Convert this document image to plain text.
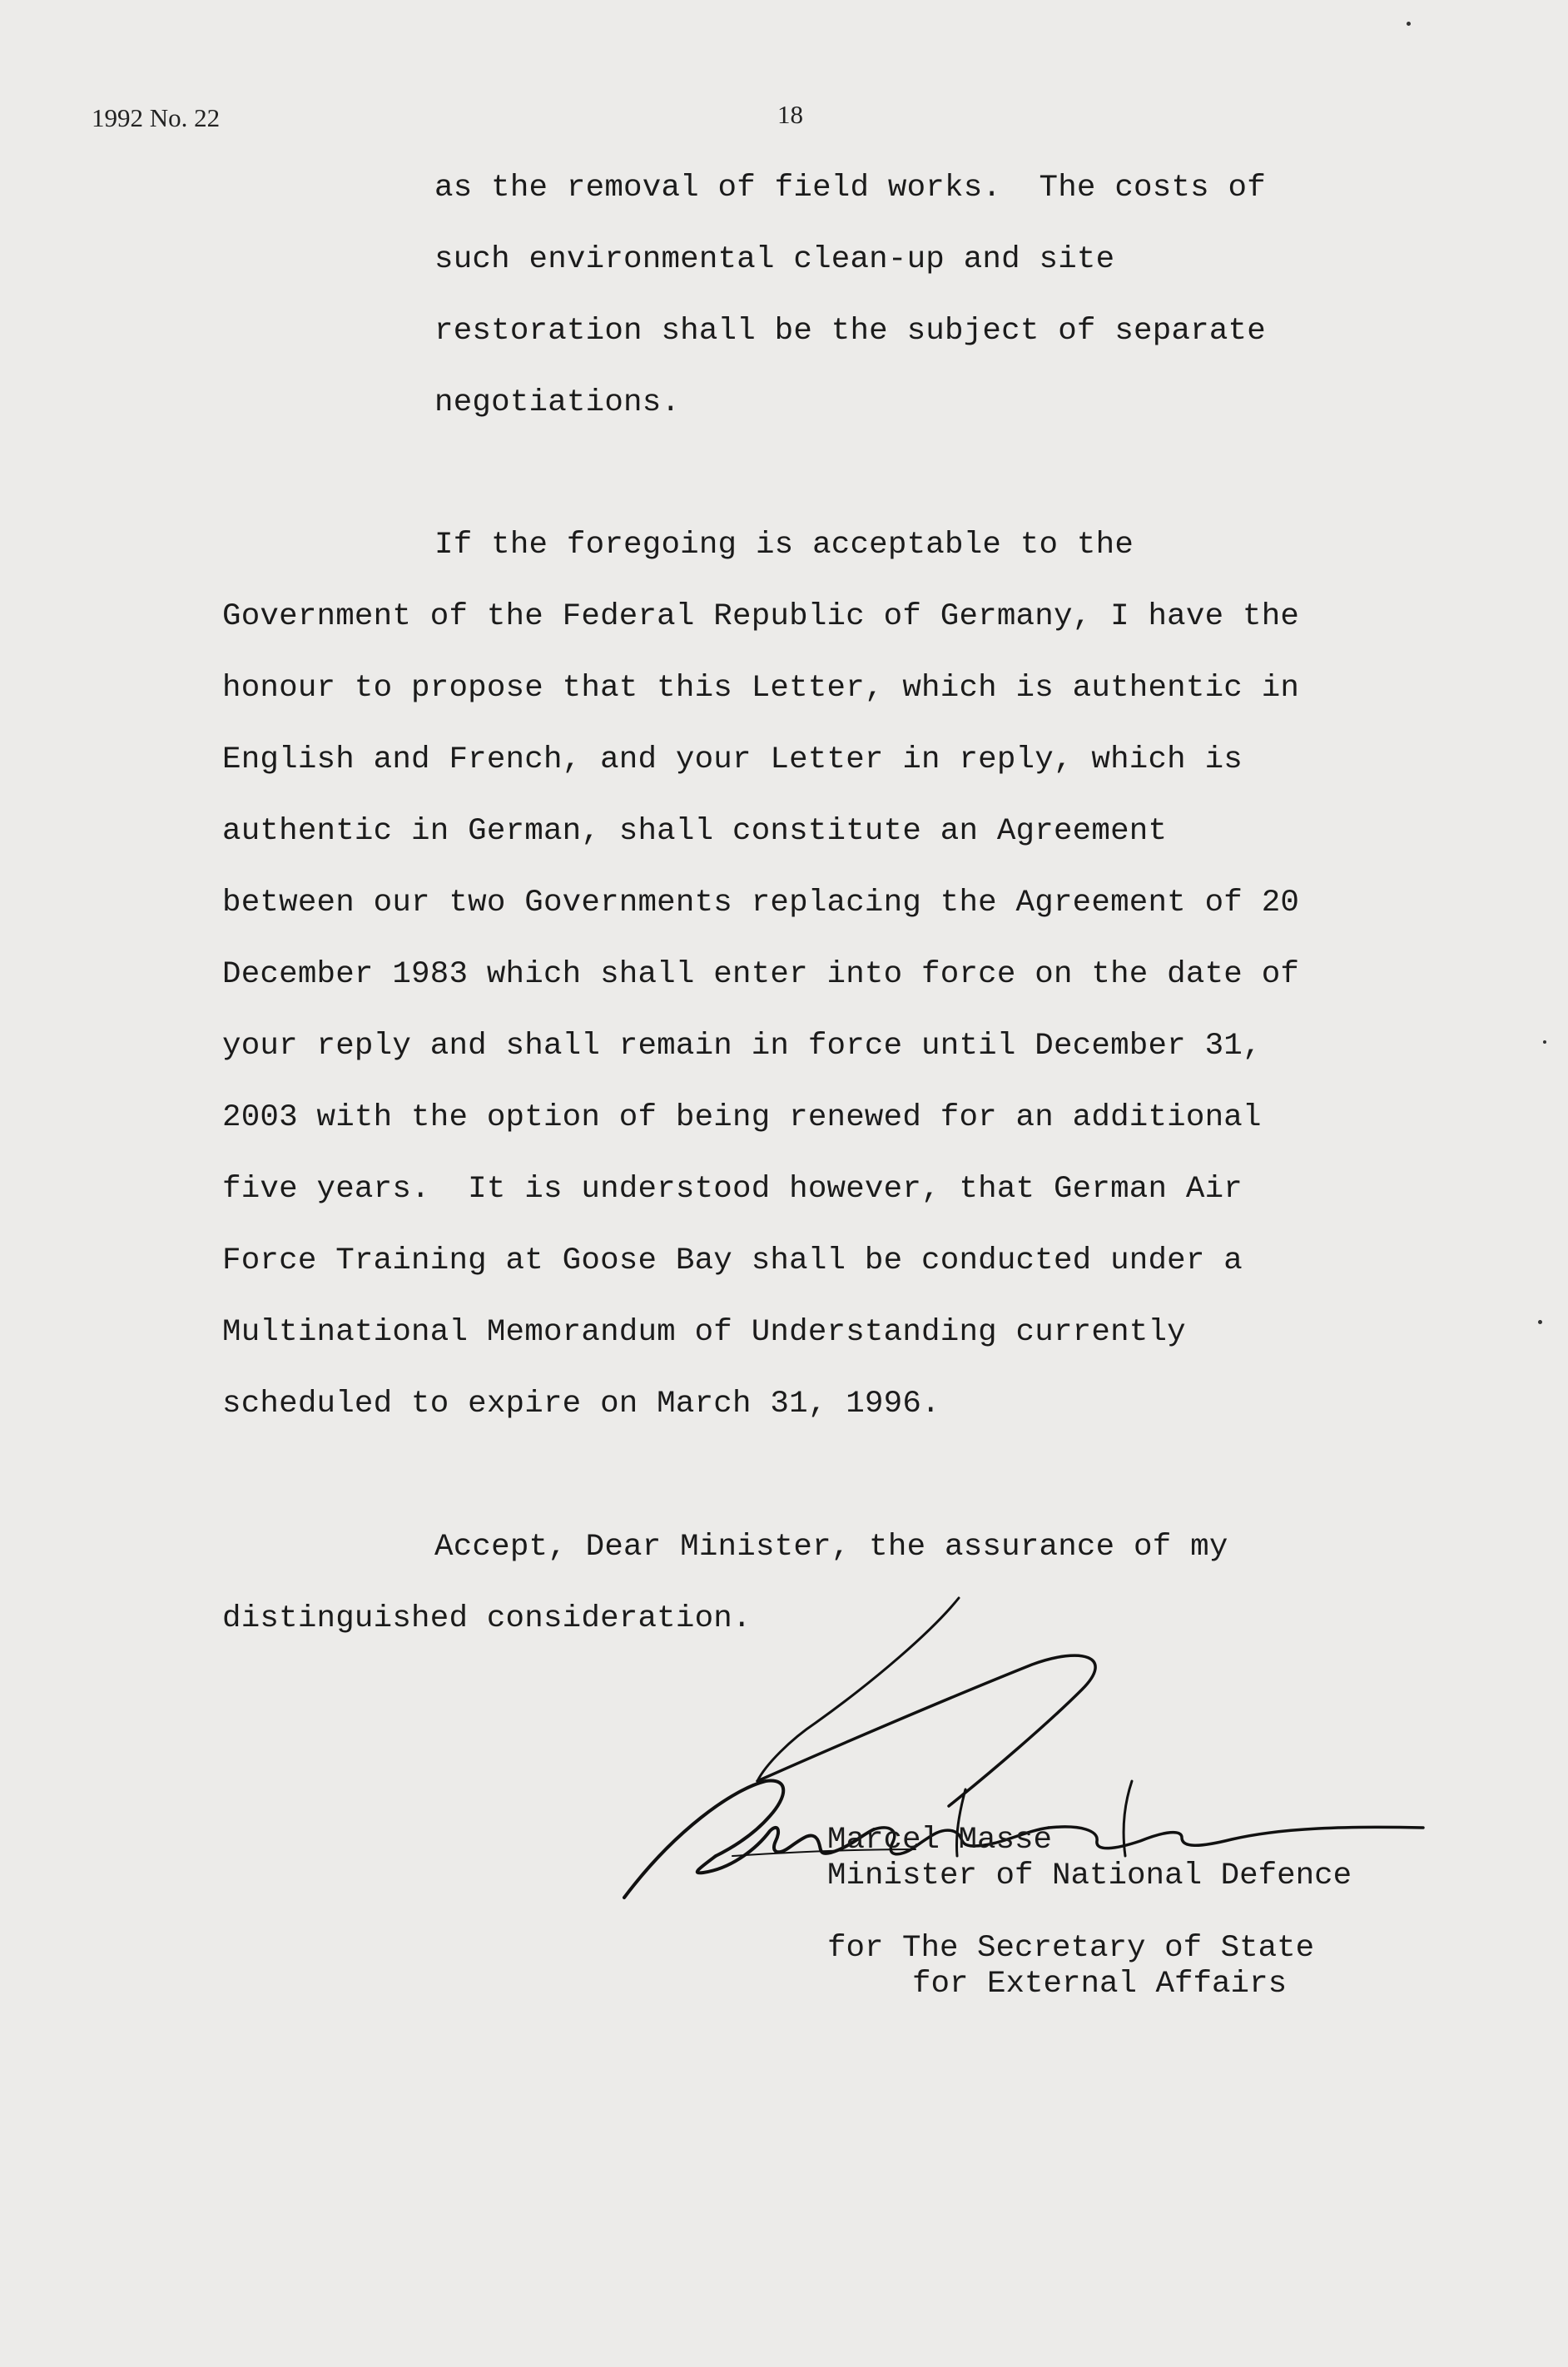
1992 No. 22	18
as the removal of field works.  The costs of
such environmental clean-up and site
restoration shall be the subject of separate
negotiations.
If the foregoing is acceptable to the
Government of the Federal Republic of Germany, I have the
honour to propose that this Letter, which is authentic in
English and French, and your Letter in reply, which is
authentic in German, shall constitute an Agreement
between our two Governments replacing the Agreement of 20
December 1983 which shall enter into force on the date of
your reply and shall remain in force until December 31,
2003 with the option of being renewed for an additional
five years.  It is understood however, that German Air
Force Training at Goose Bay shall be conducted under a
Multinational Memorandum of Understanding currently
scheduled to expire on March 31, 1996.
Accept, Dear Minister, the assurance of my
distinguished consideration.
Marcel Masse
Minister of National Defence
for The Secretary of State
for External Affairs
